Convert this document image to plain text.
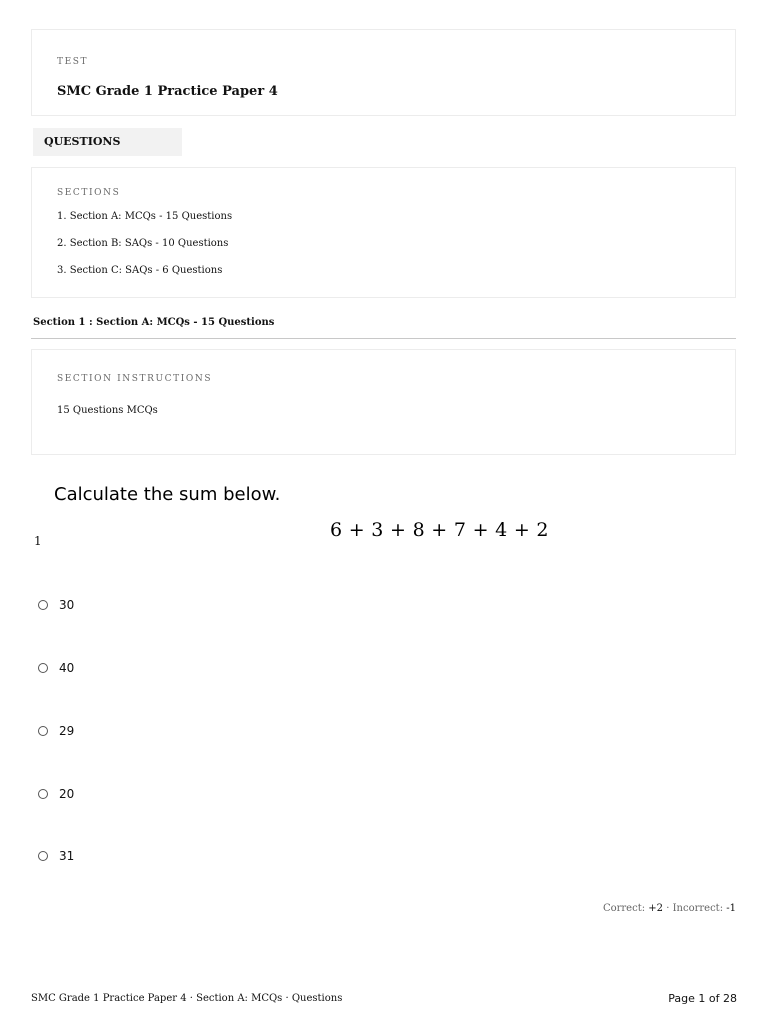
TEST
SMC Grade 1 Practice Paper 4
QUESTIONS
SECTIONS
1. Section A: MCQs - 15 Questions
2. Section B: SAQs - 10 Questions
3. Section C: SAQs - 6 Questions
Section 1 : Section A: MCQs - 15 Questions
SECTION INSTRUCTIONS
15 Questions MCQs
Calculate the sum below.
6 + 3 + 8 + 7 + 4 + 2
1
30
40
29
20
31
Correct: +2 · Incorrect: -1
SMC Grade 1 Practice Paper 4 · Section A: MCQs · Questions	Page 1 of 28
